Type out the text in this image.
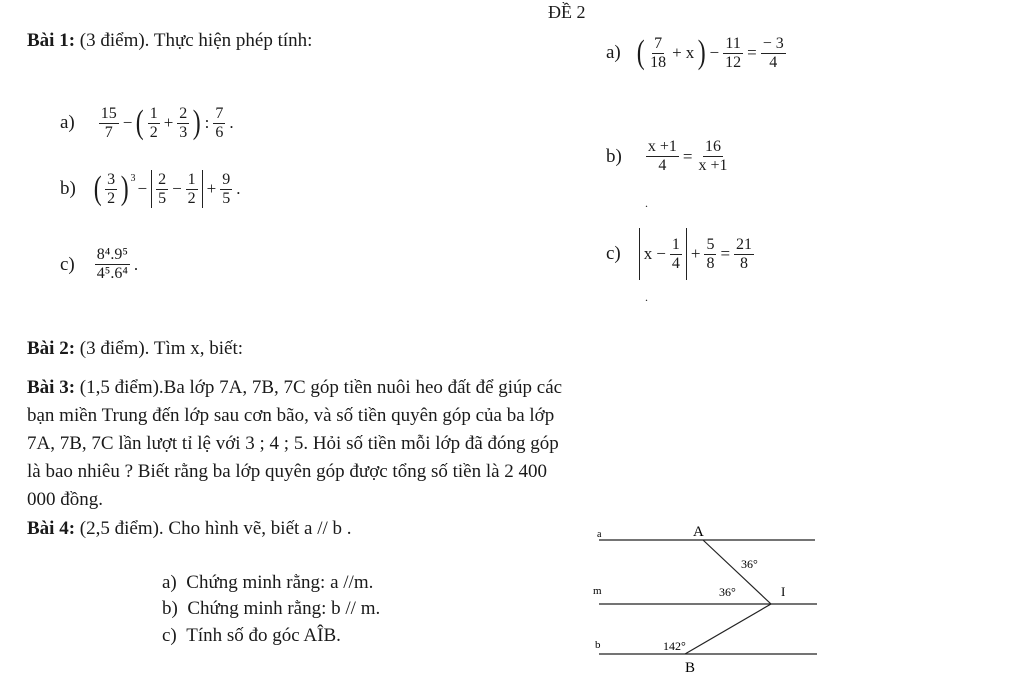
ĐỀ 2
Bài 1: (3 điểm). Thực hiện phép tính:
$a) \frac{15}{7}$ − ( $\frac{1}{2} + \frac{2}{3}$ ) : $\frac{7}{6}$ .
b) ( $\frac{3}{2}$ ) 3
− $\frac{2}{5} - \frac{1}{2} + \frac{9}{5}$ .
$c) \frac{\text{8⁴.9⁵}}{\text{4⁵.6⁴}}$ .
a) ( $\frac{7}{18} + x$ ) − $\frac{11}{12} = \frac{- 3}{4}$
$b) \frac{x +1}{4} = \frac{16}{x +1}$
c) $x - \frac{1}{4} + \frac{5}{8} = \frac{21}{8}$
Bài 2: (3 điểm). Tìm x, biết:
Bài 3: (1,5 điểm).Ba lớp 7A, 7B, 7C góp tiền nuôi heo đất để giúp các
bạn miền Trung đến lớp sau cơn bão, và số tiền quyên góp của ba lớp
7A, 7B, 7C lần lượt tỉ lệ với 3 ; 4 ; 5. Hỏi số tiền mỗi lớp đã đóng góp
là bao nhiêu ? Biết rằng ba lớp quyên góp được tổng số tiền là 2 400
000 đồng.
Bài 4: (2,5 điểm). Cho hình vẽ, biết a // b .
a) Chứng minh rằng: a //m.
b) Chứng minh rằng: b // m.
c) Tính số đo góc AÎB.
.
.
a
m
b
A
I
B
36°
36°
142°
